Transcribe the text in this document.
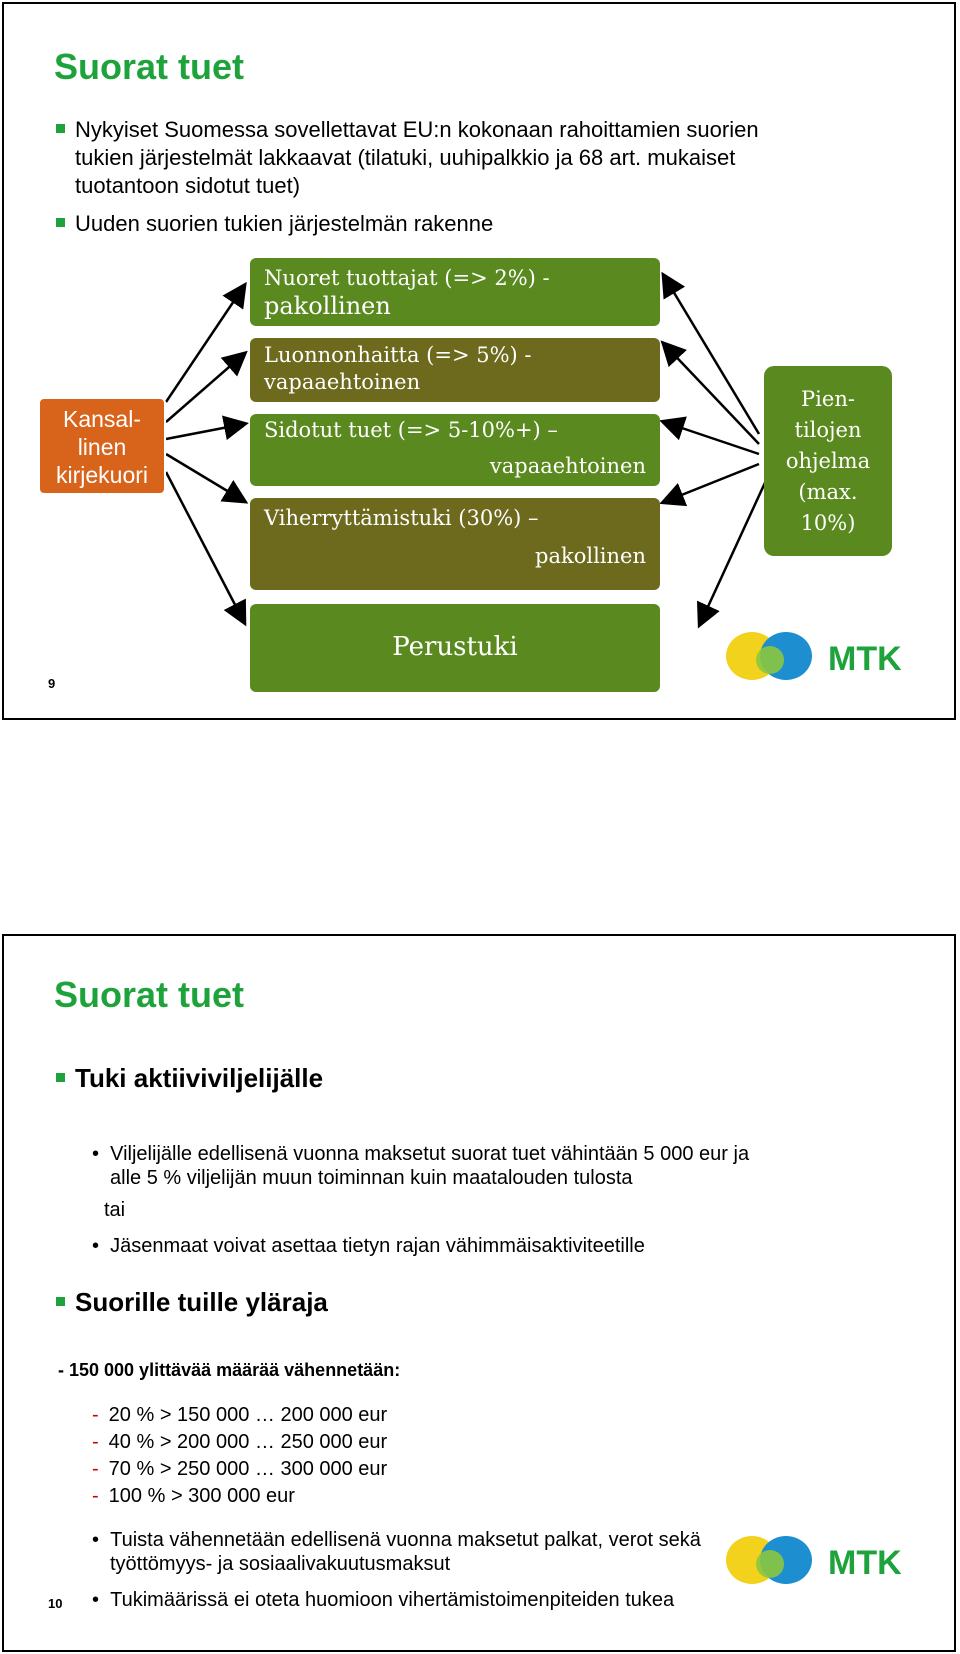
Suorat tuet
Nykyiset Suomessa sovellettavat EU:n kokonaan rahoittamien suorien
tukien järjestelmät lakkaavat (tilatuki, uuhipalkkio ja 68 art. mukaiset
tuotantoon sidotut tuet)
Uuden suorien tukien järjestelmän rakenne
Kansal-
linen
kirjekuori
Nuoret tuottajat (=> 2%) -
pakollinen
Luonnonhaitta (=> 5%) -
vapaaehtoinen
Sidotut tuet (=> 5-10%+) –
vapaaehtoinen
Viherryttämistuki (30%) –
pakollinen
Perustuki
Pien-
tilojen
ohjelma
(max.
10%)
MTK
9
Suorat tuet
Tuki aktiiviviljelijälle
•  Viljelijälle edellisenä vuonna maksetut suorat tuet vähintään 5 000 eur ja
alle 5 % viljelijän muun toiminnan kuin maatalouden tulosta
tai
•  Jäsenmaat voivat asettaa tietyn rajan vähimmäisaktiviteetille
Suorille tuille yläraja
- 150 000 ylittävää määrää vähennetään:
- 20 % > 150 000 … 200 000 eur
- 40 % > 200 000 … 250 000 eur
- 70 % > 250 000 … 300 000 eur
- 100 % > 300 000 eur
MTK
•  Tuista vähennetään edellisenä vuonna maksetut palkat, verot sekä
työttömyys- ja sosiaalivakuutusmaksut
•  Tukimäärissä ei oteta huomioon vihertämistoimenpiteiden tukea
10
